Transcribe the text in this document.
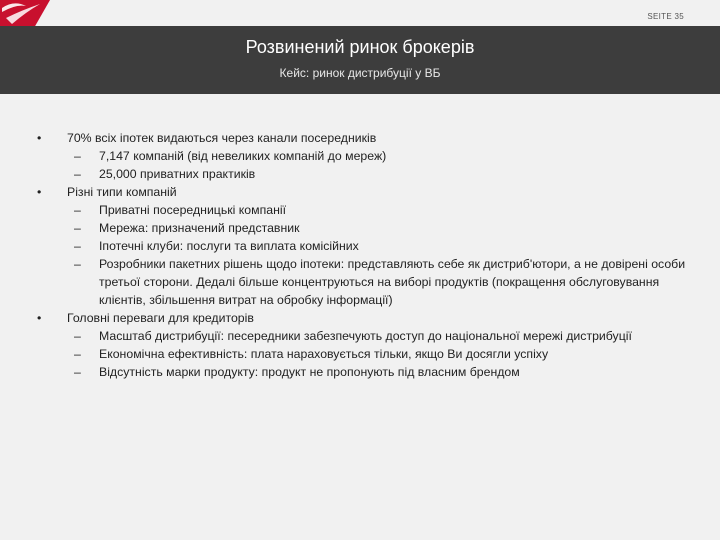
SEITE 35
Розвинений ринок брокерів
Кейс: ринок дистрибуції у ВБ
• 70% всіх іпотек видаються через канали посередників
– 7,147 компаній (від невеликих компаній до мереж)
– 25,000 приватних практиків
• Різні типи компаній
– Приватні посередницькі компанії
– Мережа: призначений представник
– Іпотечні клуби: послуги та виплата комісійних
– Розробники пакетних рішень щодо іпотеки: представляють себе як дистриб'ютори, а не довірені особи третьої сторони. Дедалі більше концентруються на виборі продуктів (покращення обслуговування клієнтів, збільшення витрат на обробку інформації)
• Головні переваги для кредиторів
– Масштаб дистрибуції: песередники забезпечують доступ до національної мережі дистрибуції
– Економічна ефективність: плата нараховується тільки, якщо Ви досягли успіху
– Відсутність марки продукту: продукт не пропонують під власним брендом
